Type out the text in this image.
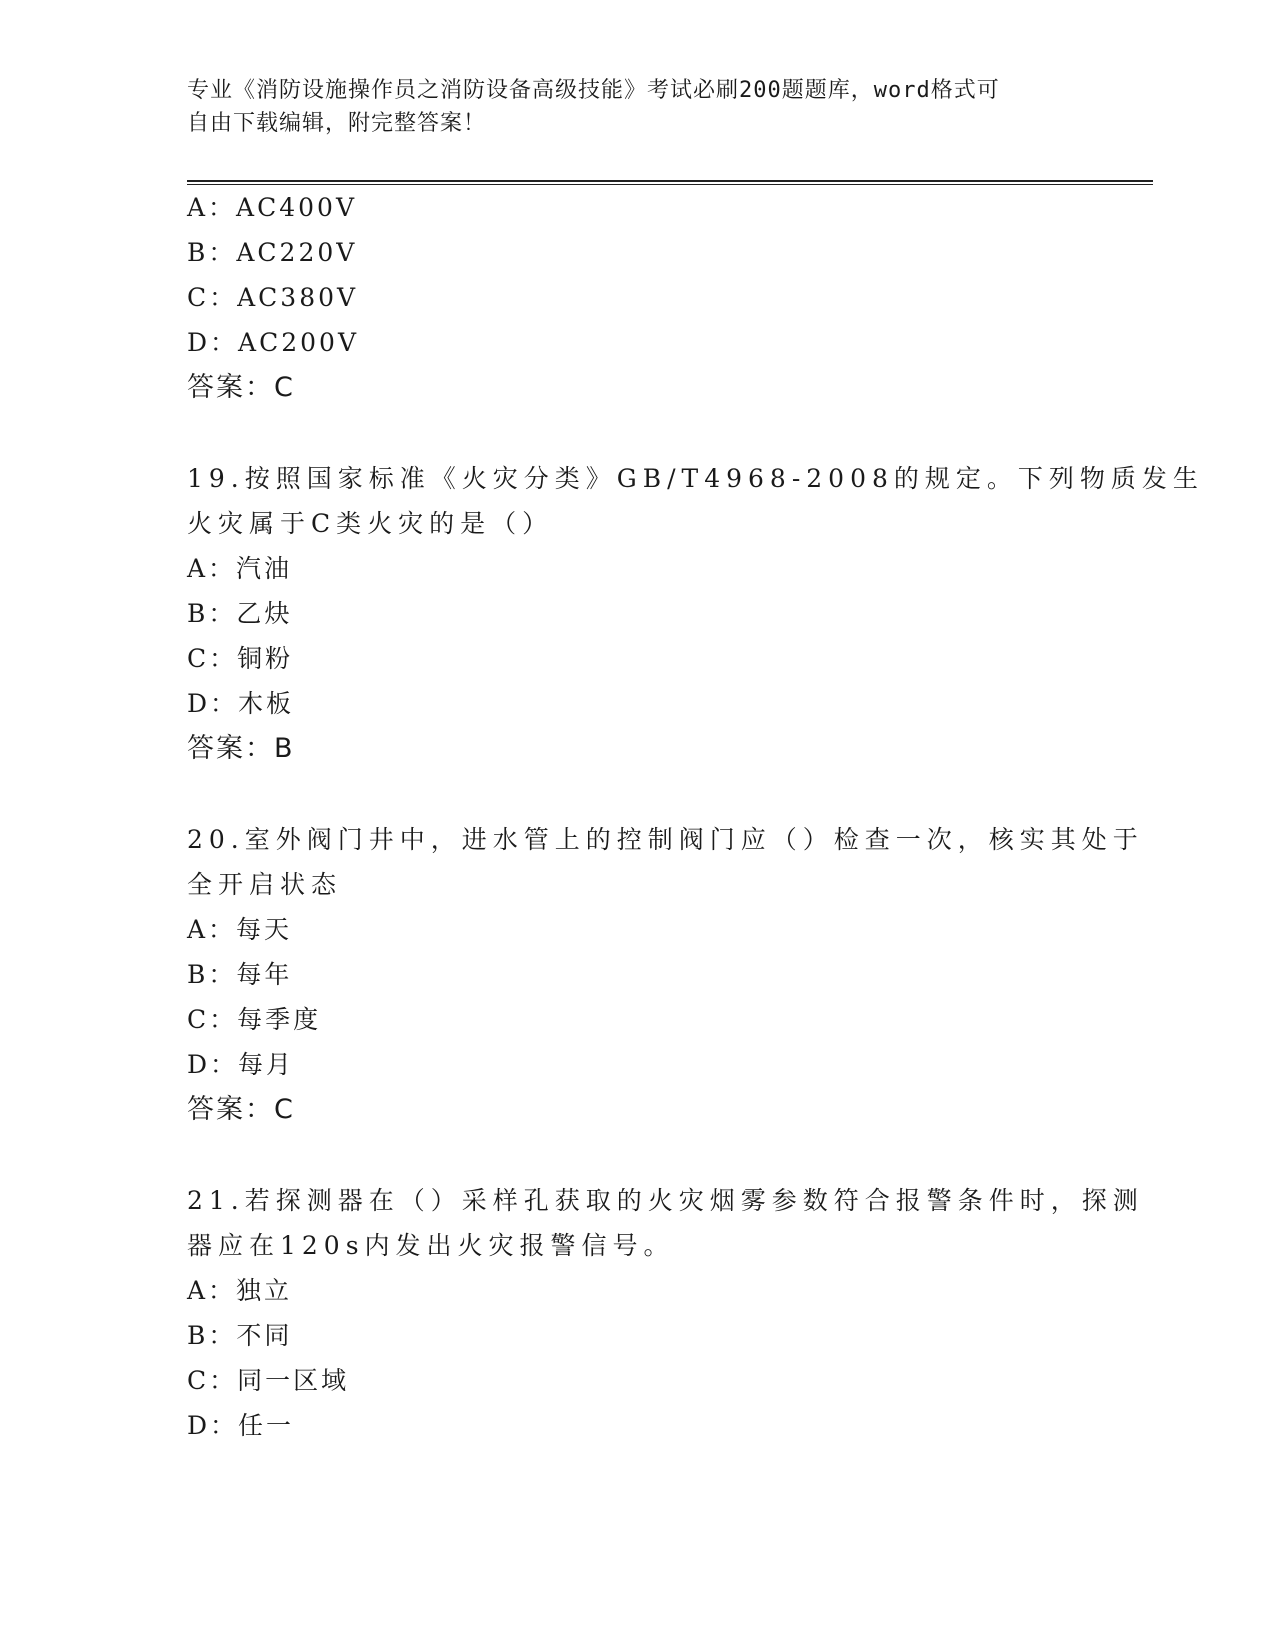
专业《消防设施操作员之消防设备高级技能》考试必刷200题题库，word格式可
自由下载编辑，附完整答案！
A：AC400V
B：AC220V
C：AC380V
D：AC200V
答案：C
19.按照国家标准《火灾分类》GB/T4968-2008的规定。下列物质发生
火灾属于C类火灾的是（）
A：汽油
B：乙炔
C：铜粉
D：木板
答案：B
20.室外阀门井中，进水管上的控制阀门应（）检查一次，核实其处于
全开启状态
A：每天
B：每年
C：每季度
D：每月
答案：C
21.若探测器在（）采样孔获取的火灾烟雾参数符合报警条件时，探测
器应在120s内发出火灾报警信号。
A：独立
B：不同
C：同一区域
D：任一
